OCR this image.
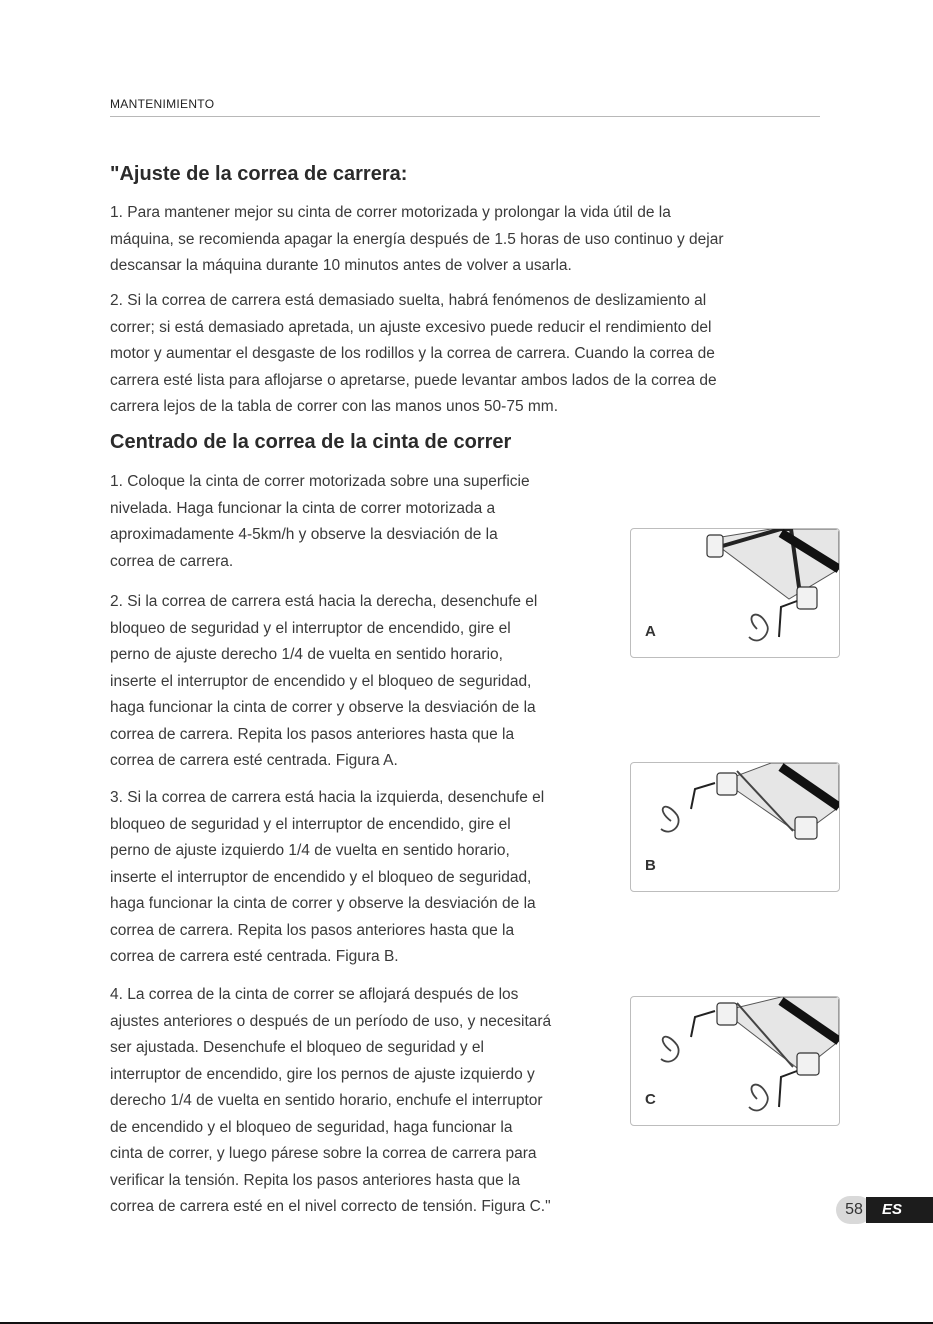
MANTENIMIENTO
"Ajuste de la correa de carrera:

1. Para mantener mejor su cinta de correr motorizada y prolongar la vida útil de la
máquina, se recomienda apagar la energía después de 1.5 horas de uso continuo y dejar
descansar la máquina durante 10 minutos antes de volver a usarla.

2. Si la correa de carrera está demasiado suelta, habrá fenómenos de deslizamiento al
correr; si está demasiado apretada, un ajuste excesivo puede reducir el rendimiento del
motor y aumentar el desgaste de los rodillos y la correa de carrera. Cuando la correa de
carrera esté lista para aflojarse o apretarse, puede levantar ambos lados de la correa de
carrera lejos de la tabla de correr con las manos unos 50-75 mm.

Centrado de la correa de la cinta de correr

1. Coloque la cinta de correr motorizada sobre una superficie
nivelada. Haga funcionar la cinta de correr motorizada a
aproximadamente 4-5km/h y observe la desviación de la
correa de carrera.

2. Si la correa de carrera está hacia la derecha, desenchufe el
bloqueo de seguridad y el interruptor de encendido, gire el
perno de ajuste derecho 1/4 de vuelta en sentido horario,
inserte el interruptor de encendido y el bloqueo de seguridad,
haga funcionar la cinta de correr y observe la desviación de la
correa de carrera. Repita los pasos anteriores hasta que la
correa de carrera esté centrada. Figura A.

3. Si la correa de carrera está hacia la izquierda, desenchufe el
bloqueo de seguridad y el interruptor de encendido, gire el
perno de ajuste izquierdo 1/4 de vuelta en sentido horario,
inserte el interruptor de encendido y el bloqueo de seguridad,
haga funcionar la cinta de correr y observe la desviación de la
correa de carrera. Repita los pasos anteriores hasta que la
correa de carrera esté centrada. Figura B.

4. La correa de la cinta de correr se aflojará después de los
ajustes anteriores o después de un período de uso, y necesitará
ser ajustada. Desenchufe el bloqueo de seguridad y el
interruptor de encendido, gire los pernos de ajuste izquierdo y
derecho 1/4 de vuelta en sentido horario, enchufe el interruptor
de encendido y el bloqueo de seguridad, haga funcionar la
cinta de correr, y luego párese sobre la correa de carrera para
verificar la tensión. Repita los pasos anteriores hasta que la
correa de carrera esté en el nivel correcto de tensión. Figura C."

A
B
C
58	ES
